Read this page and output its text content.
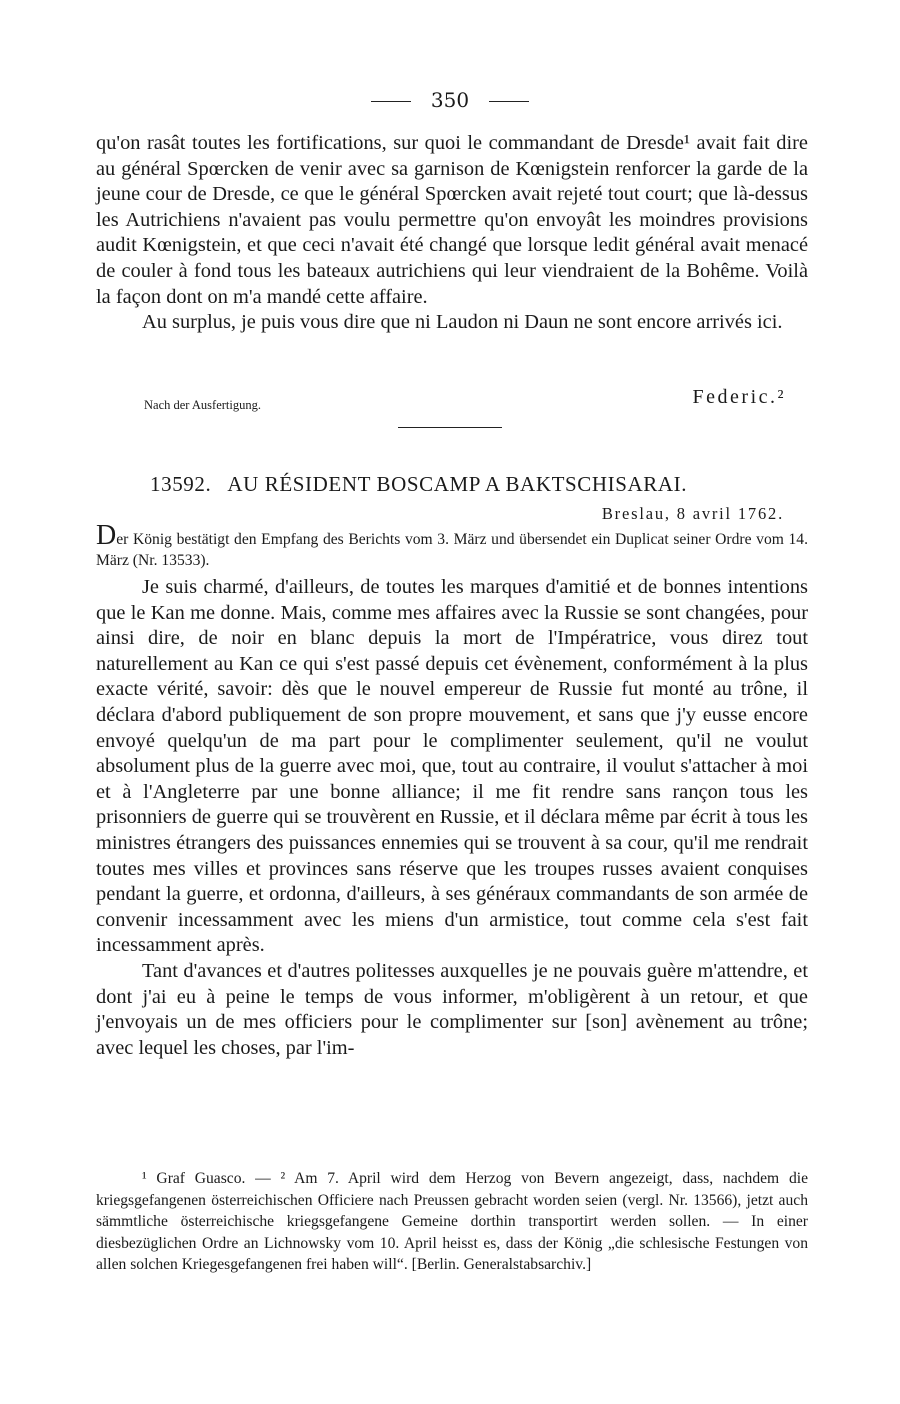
350

qu'on rasât toutes les fortifications, sur quoi le commandant de Dresde¹ avait fait dire au général Spœrcken de venir avec sa garnison de Kœnigstein renforcer la garde de la jeune cour de Dresde, ce que le général Spœrcken avait rejeté tout court; que là-dessus les Autrichiens n'avaient pas voulu permettre qu'on envoyât les moindres provisions audit Kœnigstein, et que ceci n'avait été changé que lorsque ledit général avait menacé de couler à fond tous les bateaux autrichiens qui leur viendraient de la Bohême. Voilà la façon dont on m'a mandé cette affaire.

Au surplus, je puis vous dire que ni Laudon ni Daun ne sont encore arrivés ici.

Nach der Ausfertigung.	Federic.²
13592. AU RÉSIDENT BOSCAMP A BAKTSCHISARAI.
Breslau, 8 avril 1762.
Der König bestätigt den Empfang des Berichts vom 3. März und übersendet ein Duplicat seiner Ordre vom 14. März (Nr. 13533).

Je suis charmé, d'ailleurs, de toutes les marques d'amitié et de bonnes intentions que le Kan me donne. Mais, comme mes affaires avec la Russie se sont changées, pour ainsi dire, de noir en blanc depuis la mort de l'Impératrice, vous direz tout naturellement au Kan ce qui s'est passé depuis cet évènement, conformément à la plus exacte vérité, savoir: dès que le nouvel empereur de Russie fut monté au trône, il déclara d'abord publiquement de son propre mouvement, et sans que j'y eusse encore envoyé quelqu'un de ma part pour le complimenter seulement, qu'il ne voulut absolument plus de la guerre avec moi, que, tout au contraire, il voulut s'attacher à moi et à l'Angleterre par une bonne alliance; il me fit rendre sans rançon tous les prisonniers de guerre qui se trouvèrent en Russie, et il déclara même par écrit à tous les ministres étrangers des puissances ennemies qui se trouvent à sa cour, qu'il me rendrait toutes mes villes et provinces sans réserve que les troupes russes avaient conquises pendant la guerre, et ordonna, d'ailleurs, à ses généraux commandants de son armée de convenir incessamment avec les miens d'un armistice, tout comme cela s'est fait incessamment après.

Tant d'avances et d'autres politesses auxquelles je ne pouvais guère m'attendre, et dont j'ai eu à peine le temps de vous informer, m'obligèrent à un retour, et que j'envoyais un de mes officiers pour le complimenter sur [son] avènement au trône; avec lequel les choses, par l'im-

¹ Graf Guasco. — ² Am 7. April wird dem Herzog von Bevern angezeigt, dass, nachdem die kriegsgefangenen österreichischen Officiere nach Preussen gebracht worden seien (vergl. Nr. 13566), jetzt auch sämmtliche österreichische kriegsgefangene Gemeine dorthin transportirt werden sollen. — In einer diesbezüglichen Ordre an Lichnowsky vom 10. April heisst es, dass der König „die schlesische Festungen von allen solchen Kriegesgefangenen frei haben will“. [Berlin. Generalstabsarchiv.]
